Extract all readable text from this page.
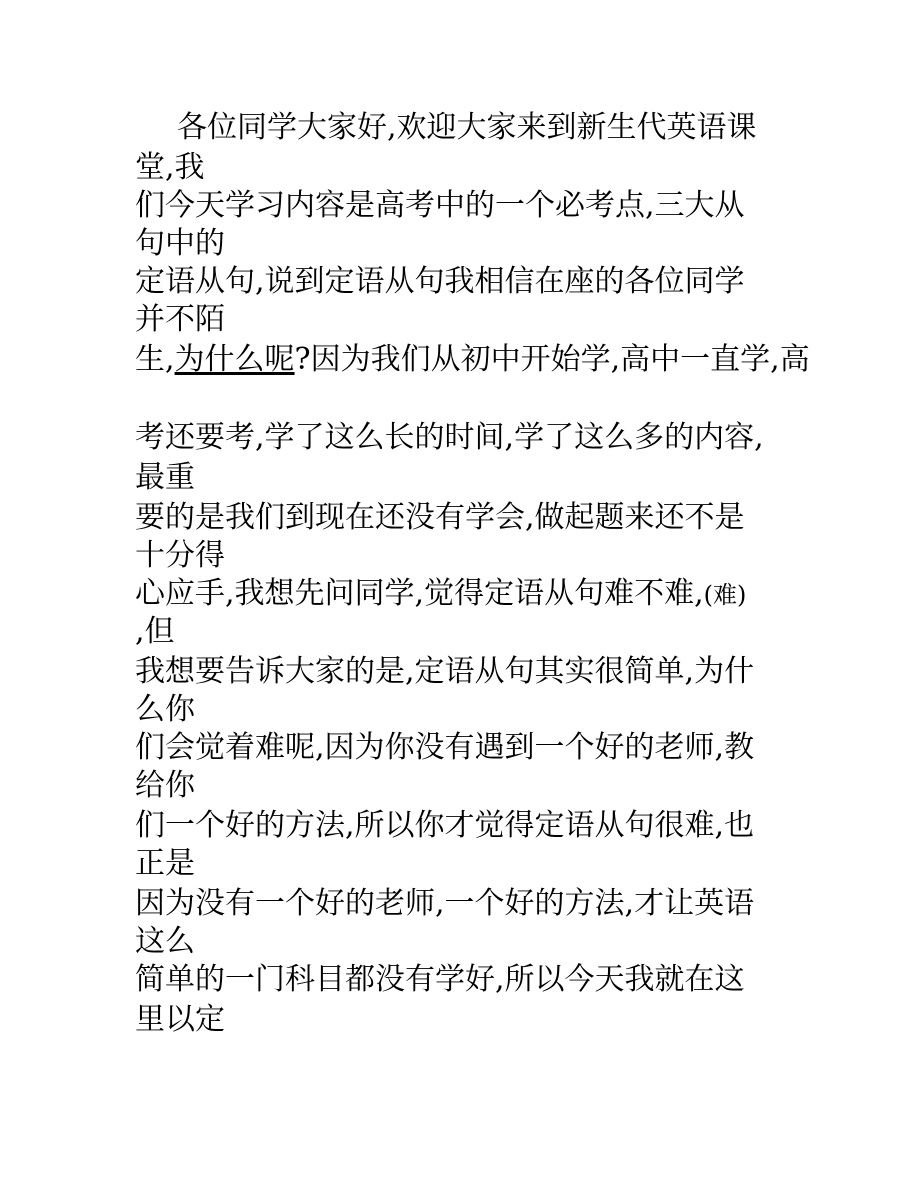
各位同学大家好,欢迎大家来到新生代英语课
堂,我
们今天学习内容是高考中的一个必考点,三大从
句中的
定语从句,说到定语从句我相信在座的各位同学
并不陌
生,为什么呢?因为我们从初中开始学,高中一直学,高
考还要考,学了这么长的时间,学了这么多的内容,
最重
要的是我们到现在还没有学会,做起题来还不是
十分得
心应手,我想先问同学,觉得定语从句难不难,(难)
,但
我想要告诉大家的是,定语从句其实很简单,为什
么你
们会觉着难呢,因为你没有遇到一个好的老师,教
给你
们一个好的方法,所以你才觉得定语从句很难,也
正是
因为没有一个好的老师,一个好的方法,才让英语
这么
简单的一门科目都没有学好,所以今天我就在这
里以定
